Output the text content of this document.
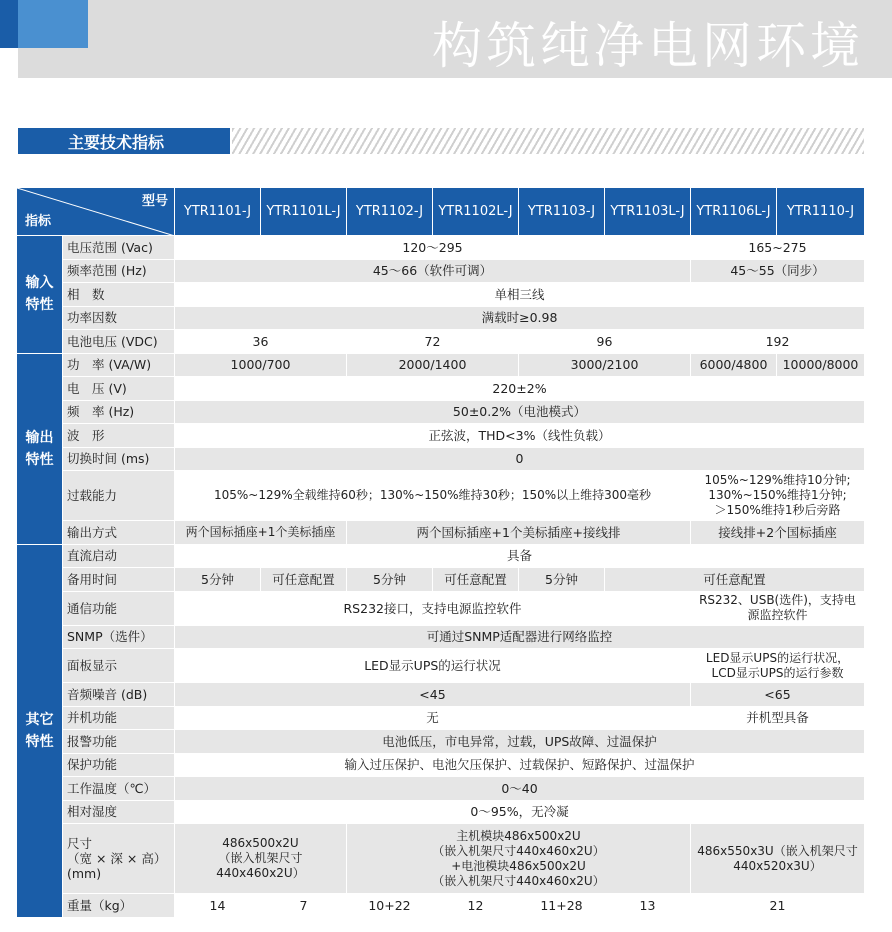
构筑纯净电网环境
主要技术指标
型号
指标		YTR1101-J	YTR1101L-J	YTR1102-J	YTR1102L-J	YTR1103-J	YTR1103L-J	YTR1106L-J	YTR1110-J
输入
特性	电压范围 (Vac)	120～295						165~275	
	频率范围 (Hz)	45～66（软件可调）						45～55（同步）	
	相　数	单相三线							
	功率因数	满载时≥0.98							
	电池电压 (VDC)	36		72		96		192	
输出
特性	功　率 (VA/W)	1000/700		2000/1400		3000/2100		6000/4800	10000/8000
	电　压 (V)	220±2%							
	频　率 (Hz)	50±0.2%（电池模式）							
	波　形	正弦波，THD<3%（线性负载）							
	切换时间 (ms)	0							
	过载能力	105%~129%全载维持60秒；130%~150%维持30秒；150%以上维持300毫秒						105%~129%维持10分钟;
130%~150%维持1分钟;
＞150%维持1秒后旁路	
	输出方式	两个国标插座+1个美标插座		两个国标插座+1个美标插座+接线排				接线排+2个国标插座	
其它
特性	直流启动	具备							
	备用时间	5分钟	可任意配置	5分钟	可任意配置	5分钟	可任意配置		
	通信功能	RS232接口，支持电源监控软件						RS232、USB(选件)，支持电
源监控软件	
	SNMP（选件）	可通过SNMP适配器进行网络监控							
	面板显示	LED显示UPS的运行状况						LED显示UPS的运行状况，
LCD显示UPS的运行参数	
	音频噪音 (dB)	<45						<65	
	并机功能	无						并机型具备	
	报警功能	电池低压，市电异常，过载，UPS故障、过温保护							
	保护功能	输入过压保护、电池欠压保护、过载保护、短路保护、过温保护							
	工作温度（℃）	0～40							
	相对湿度	0～95%，无冷凝							
	尺寸
（宽 × 深 × 高）
(mm)	486x500x2U
（嵌入机架尺寸
440x460x2U）		主机模块486x500x2U
（嵌入机架尺寸440x460x2U）
+电池模块486x500x2U
（嵌入机架尺寸440x460x2U）				486x550x3U（嵌入机架尺寸
440x520x3U）	
	重量（kg）	14	7	10+22	12	11+28	13	21	
